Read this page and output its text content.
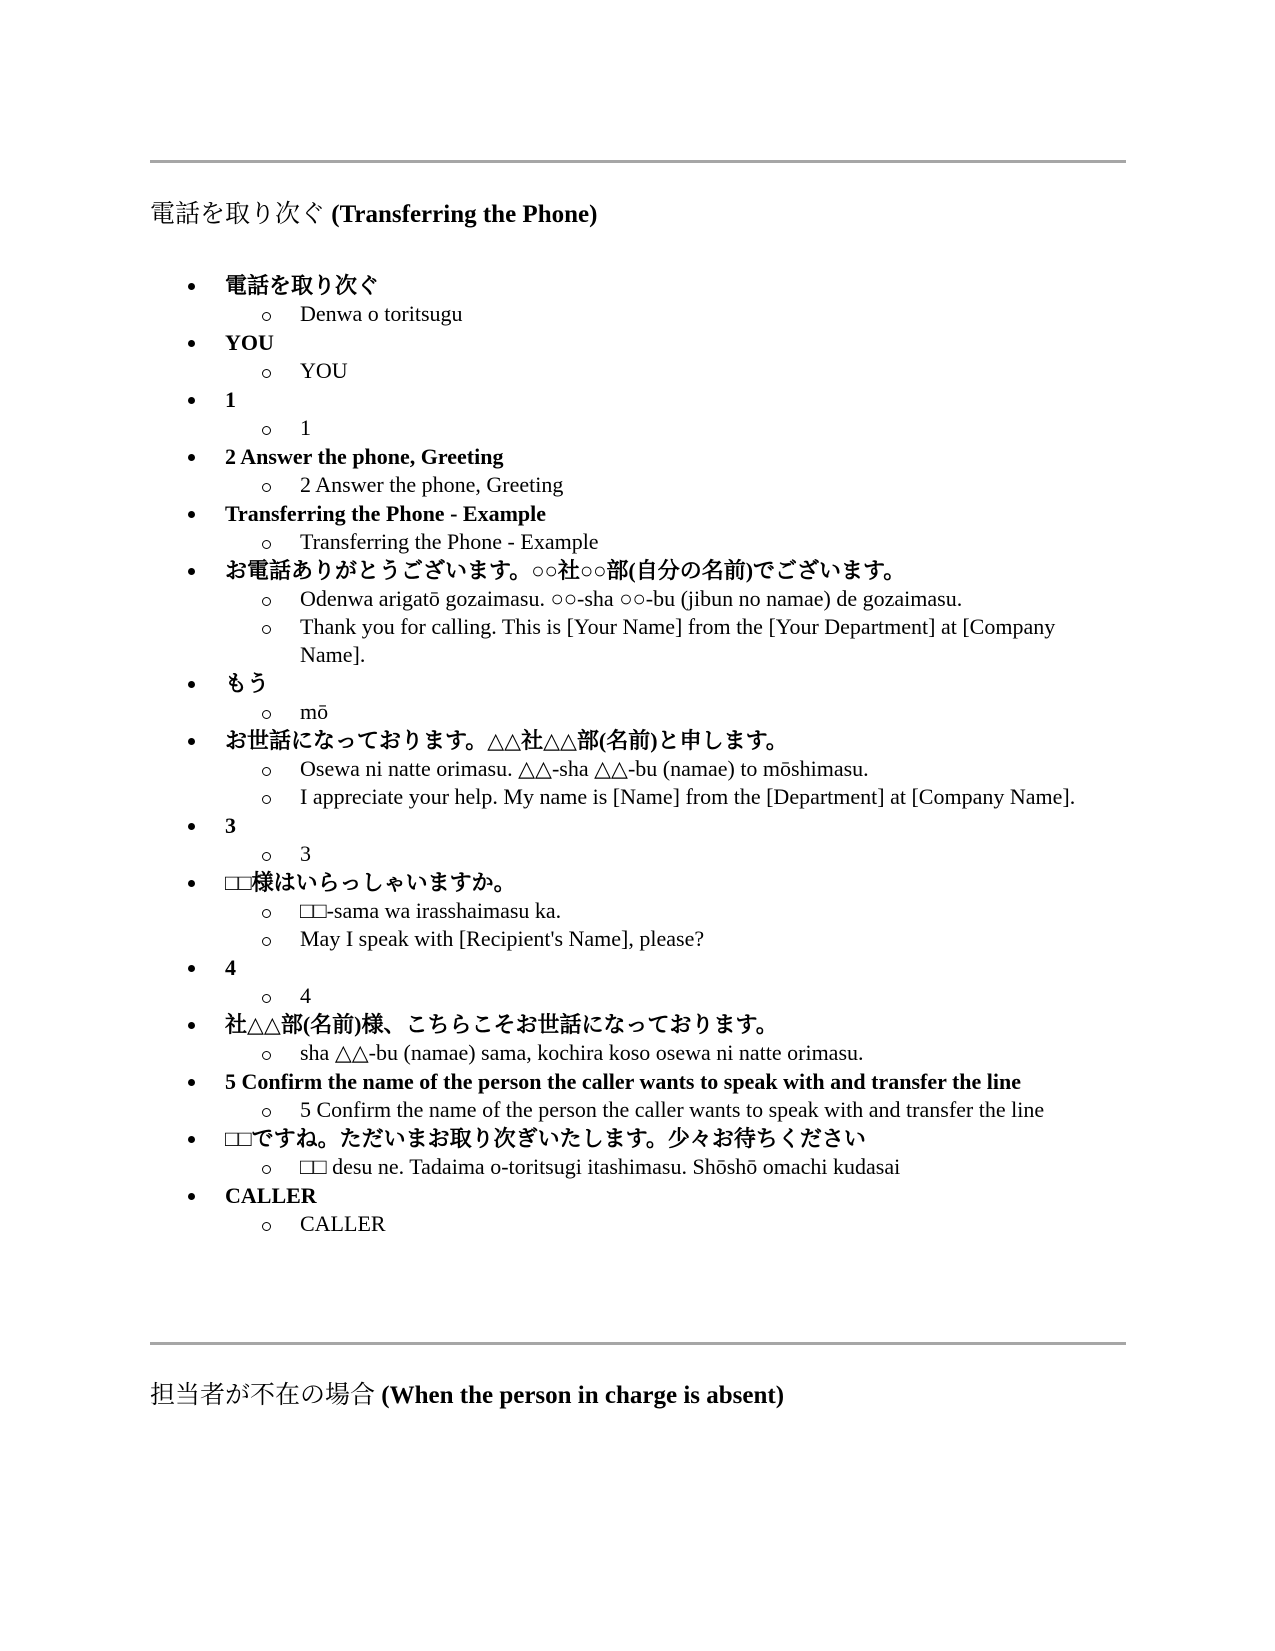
電話を取り次ぐ (Transferring the Phone)
電話を取り次ぐ
Denwa o toritsugu
YOU
YOU
1
1
2 Answer the phone, Greeting
2 Answer the phone, Greeting
Transferring the Phone - Example
Transferring the Phone - Example
お電話ありがとうございます。○○社○○部(自分の名前)でございます。
Odenwa arigatō gozaimasu. ○○-sha ○○-bu (jibun no namae) de gozaimasu.
Thank you for calling. This is [Your Name] from the [Your Department] at [Company Name].
もう
mō
お世話になっております。△△社△△部(名前)と申します。
Osewa ni natte orimasu. △△-sha △△-bu (namae) to mōshimasu.
I appreciate your help. My name is [Name] from the [Department] at [Company Name].
3
3
□□様はいらっしゃいますか。
□□-sama wa irasshaimasu ka.
May I speak with [Recipient's Name], please?
4
4
社△△部(名前)様、こちらこそお世話になっております。
sha △△-bu (namae) sama, kochira koso osewa ni natte orimasu.
5 Confirm the name of the person the caller wants to speak with and transfer the line
5 Confirm the name of the person the caller wants to speak with and transfer the line
□□ですね。ただいまお取り次ぎいたします。少々お待ちください
□□ desu ne. Tadaima o-toritsugi itashimasu. Shōshō omachi kudasai
CALLER
CALLER
担当者が不在の場合 (When the person in charge is absent)
